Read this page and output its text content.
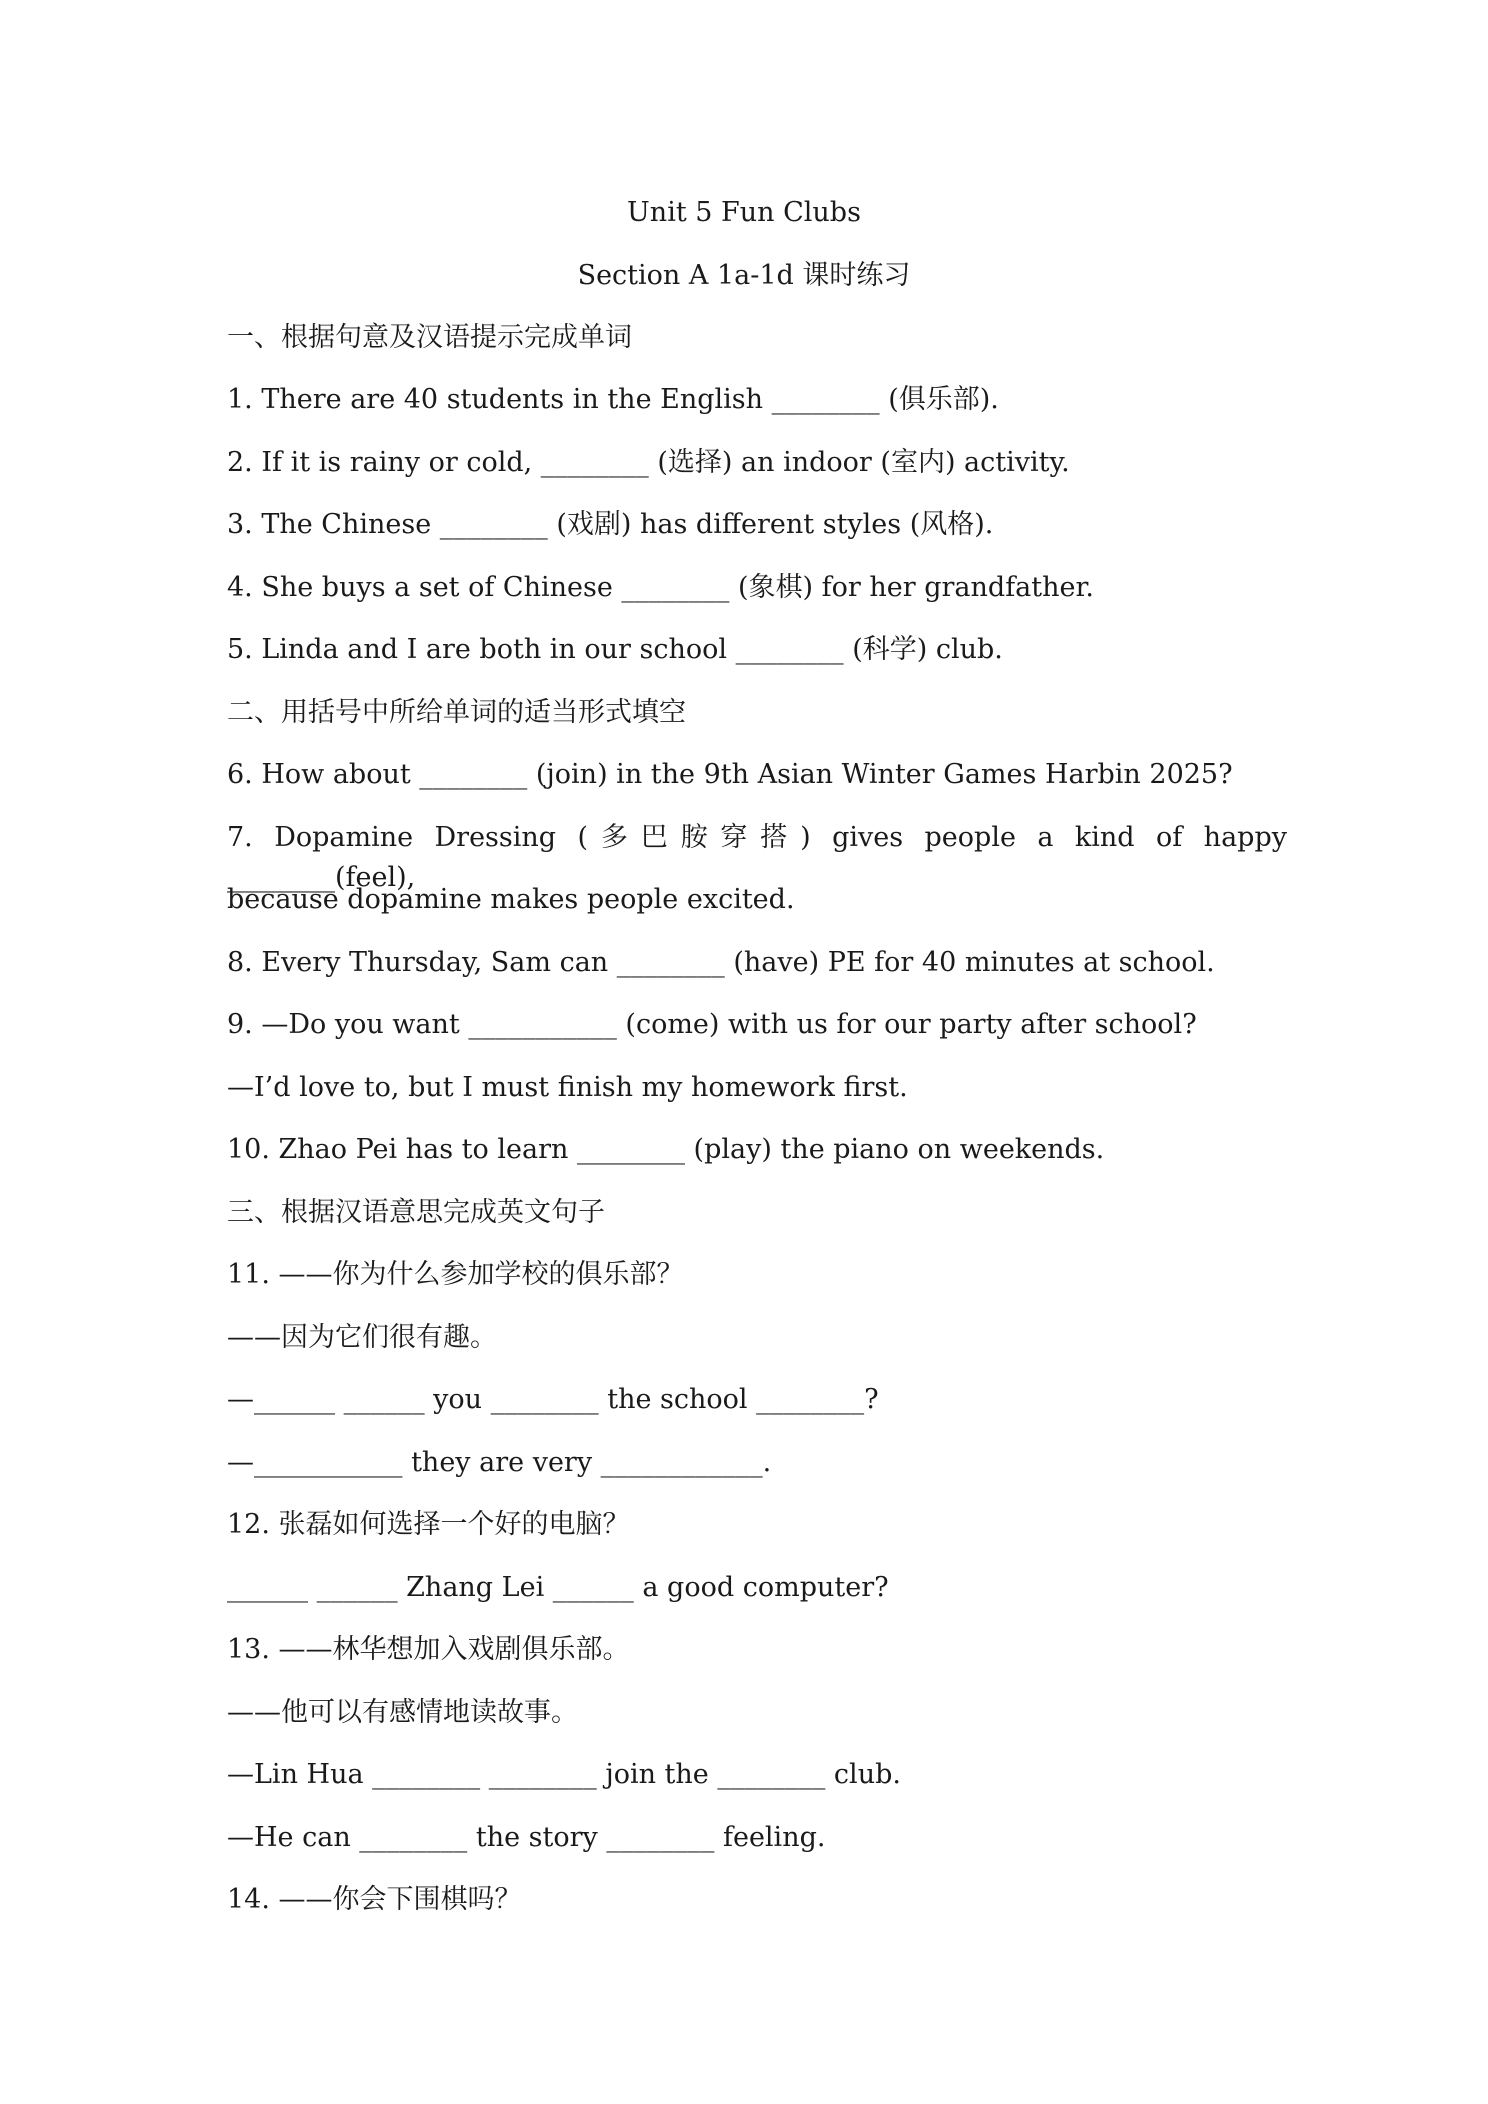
Unit 5 Fun Clubs
Section A 1a-1d 课时练习
一、根据句意及汉语提示完成单词
1. There are 40 students in the English ________ (俱乐部).
2. If it is rainy or cold, ________ (选择) an indoor (室内) activity.
3. The Chinese ________ (戏剧) has different styles (风格).
4. She buys a set of Chinese ________ (象棋) for her grandfather.
5. Linda and I are both in our school ________ (科学) club.
二、用括号中所给单词的适当形式填空
6. How about ________ (join) in the 9th Asian Winter Games Harbin 2025?
7. Dopamine Dressing (多巴胺穿搭) gives people a kind of happy ________(feel),
because dopamine makes people excited.
8. Every Thursday, Sam can ________ (have) PE for 40 minutes at school.
9. —Do you want ___________ (come) with us for our party after school?
—I’d love to, but I must finish my homework first.
10. Zhao Pei has to learn ________ (play) the piano on weekends.
三、根据汉语意思完成英文句子
11. ——你为什么参加学校的俱乐部？
——因为它们很有趣。
—______ ______ you ________ the school ________?
—___________ they are very ____________.
12. 张磊如何选择一个好的电脑？
______ ______ Zhang Lei ______ a good computer?
13. ——林华想加入戏剧俱乐部。
——他可以有感情地读故事。
—Lin Hua ________ ________ join the ________ club.
—He can ________ the story ________ feeling.
14. ——你会下围棋吗？
